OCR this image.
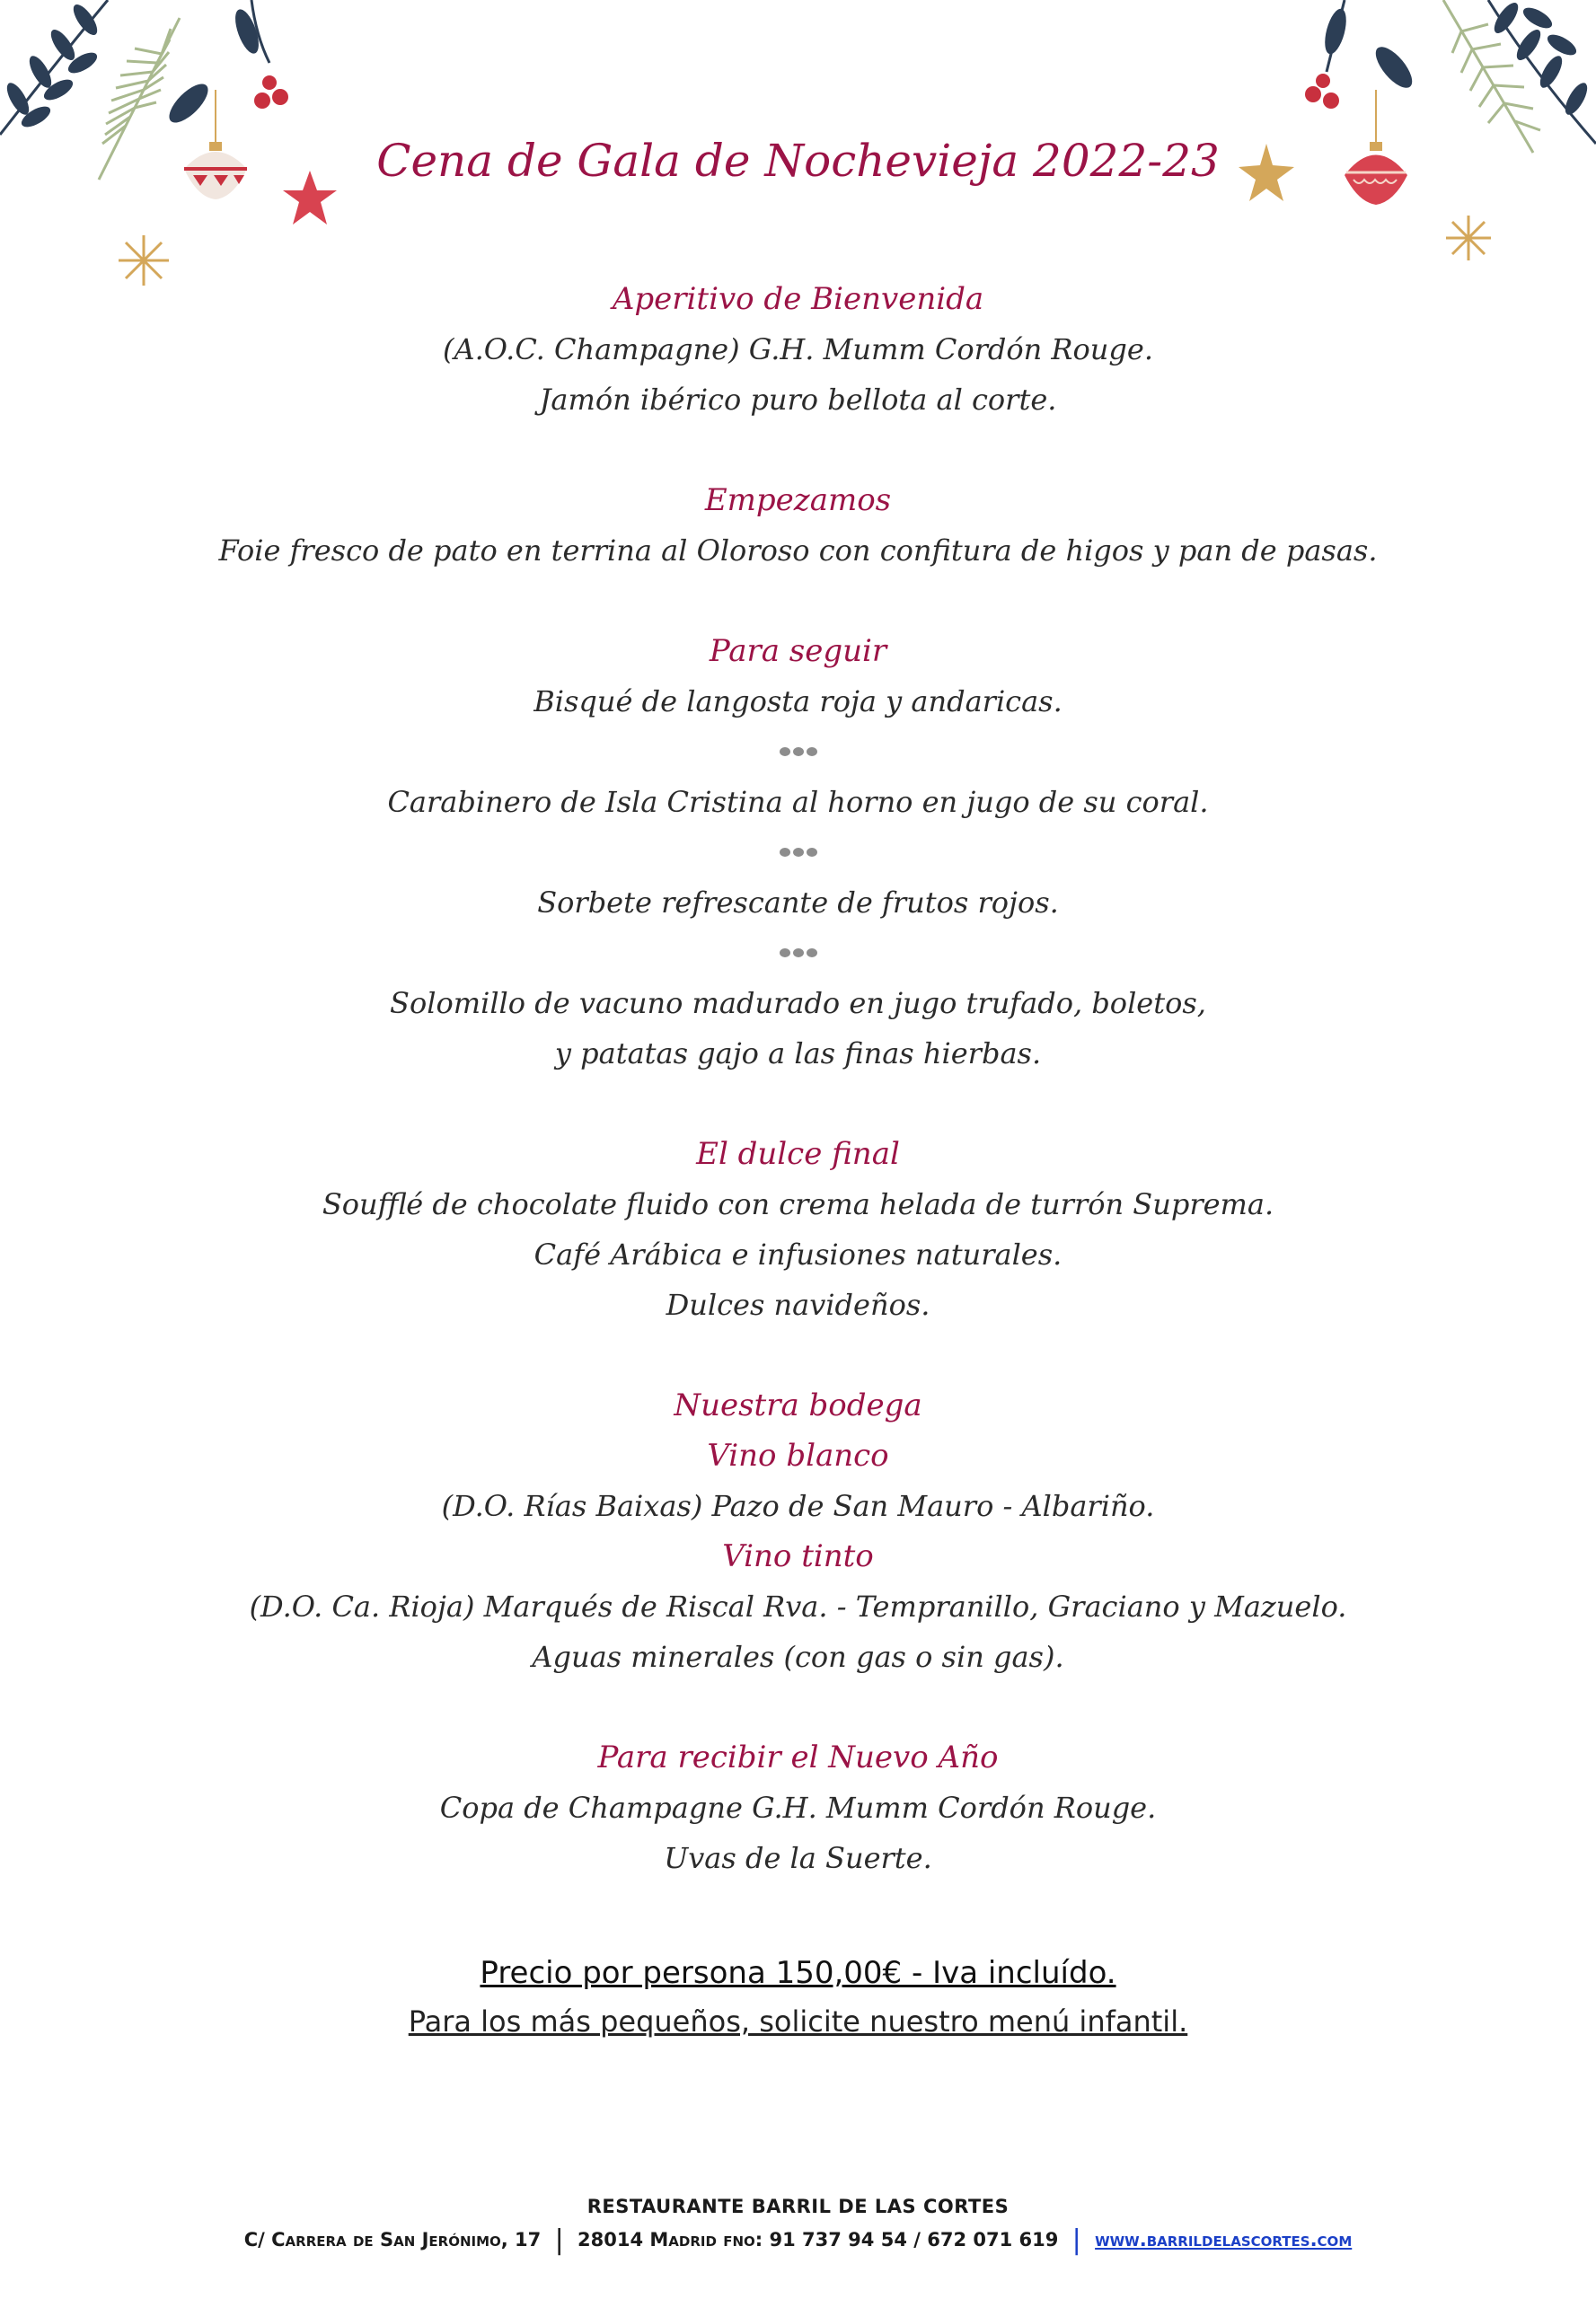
Cena de Gala de Nochevieja 2022-23
Aperitivo de Bienvenida
(A.O.C. Champagne) G.H. Mumm Cordón Rouge.
Jamón ibérico puro bellota al corte.
Empezamos
Foie fresco de pato en terrina al Oloroso con confitura de higos y pan de pasas.
Para seguir
Bisqué de langosta roja y andaricas.
Carabinero de Isla Cristina al horno en jugo de su coral.
Sorbete refrescante de frutos rojos.
Solomillo de vacuno madurado en jugo trufado, boletos,
y patatas gajo a las finas hierbas.
El dulce final
Soufflé de chocolate fluido con crema helada de turrón Suprema.
Café Arábica e infusiones naturales.
Dulces navideños.
Nuestra bodega
Vino blanco
(D.O. Rías Baixas) Pazo de San Mauro - Albariño.
Vino tinto
(D.O. Ca. Rioja) Marqués de Riscal Rva. - Tempranillo, Graciano y Mazuelo.
Aguas minerales (con gas o sin gas).
Para recibir el Nuevo Año
Copa de Champagne G.H. Mumm Cordón Rouge.
Uvas de la Suerte.
Precio por persona 150,00€ - Iva incluído.
Para los más pequeños, solicite nuestro menú infantil.
RESTAURANTE BARRIL DE LAS CORTES
C/ Carrera de San Jerónimo, 17 | 28014 Madrid fno: 91 737 94 54 / 672 071 619 | www.barrildelascortes.com
